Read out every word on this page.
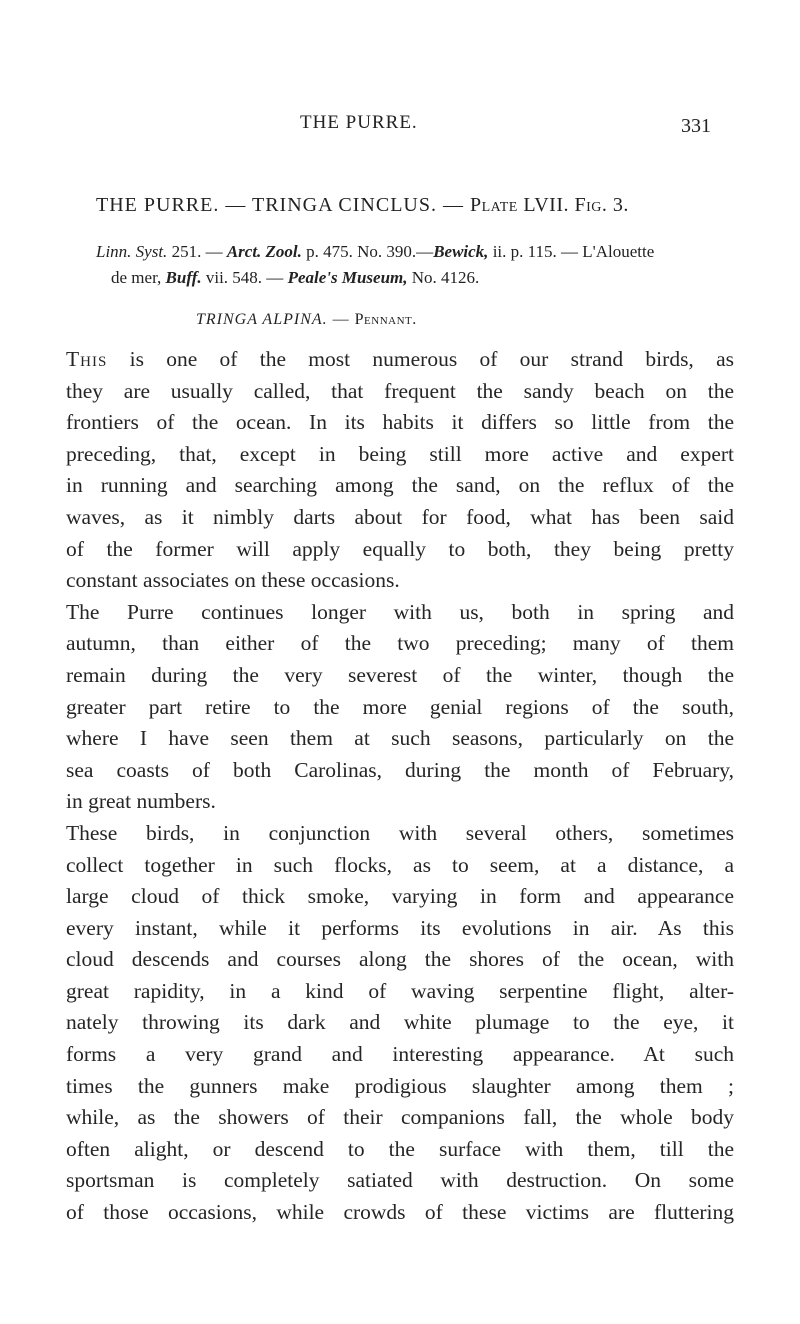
THE PURRE.	331
THE PURRE. — TRINGA CINCLUS. — Plate LVII. Fig. 3.
Linn. Syst. 251. — Arct. Zool. p. 475. No. 390.—Bewick, ii. p. 115. — L'Alouette
de mer, Buff. vii. 548. — Peale's Museum, No. 4126.
TRINGA ALPINA. — Pennant.
This is one of the most numerous of our strand birds, as
they are usually called, that frequent the sandy beach on the
frontiers of the ocean. In its habits it differs so little from the
preceding, that, except in being still more active and expert
in running and searching among the sand, on the reflux of the
waves, as it nimbly darts about for food, what has been said
of the former will apply equally to both, they being pretty
constant associates on these occasions.
The Purre continues longer with us, both in spring and
autumn, than either of the two preceding; many of them
remain during the very severest of the winter, though the
greater part retire to the more genial regions of the south,
where I have seen them at such seasons, particularly on the
sea coasts of both Carolinas, during the month of February,
in great numbers.
These birds, in conjunction with several others, sometimes
collect together in such flocks, as to seem, at a distance, a
large cloud of thick smoke, varying in form and appearance
every instant, while it performs its evolutions in air. As this
cloud descends and courses along the shores of the ocean, with
great rapidity, in a kind of waving serpentine flight, alter-
nately throwing its dark and white plumage to the eye, it
forms a very grand and interesting appearance. At such
times the gunners make prodigious slaughter among them ;
while, as the showers of their companions fall, the whole body
often alight, or descend to the surface with them, till the
sportsman is completely satiated with destruction. On some
of those occasions, while crowds of these victims are fluttering
